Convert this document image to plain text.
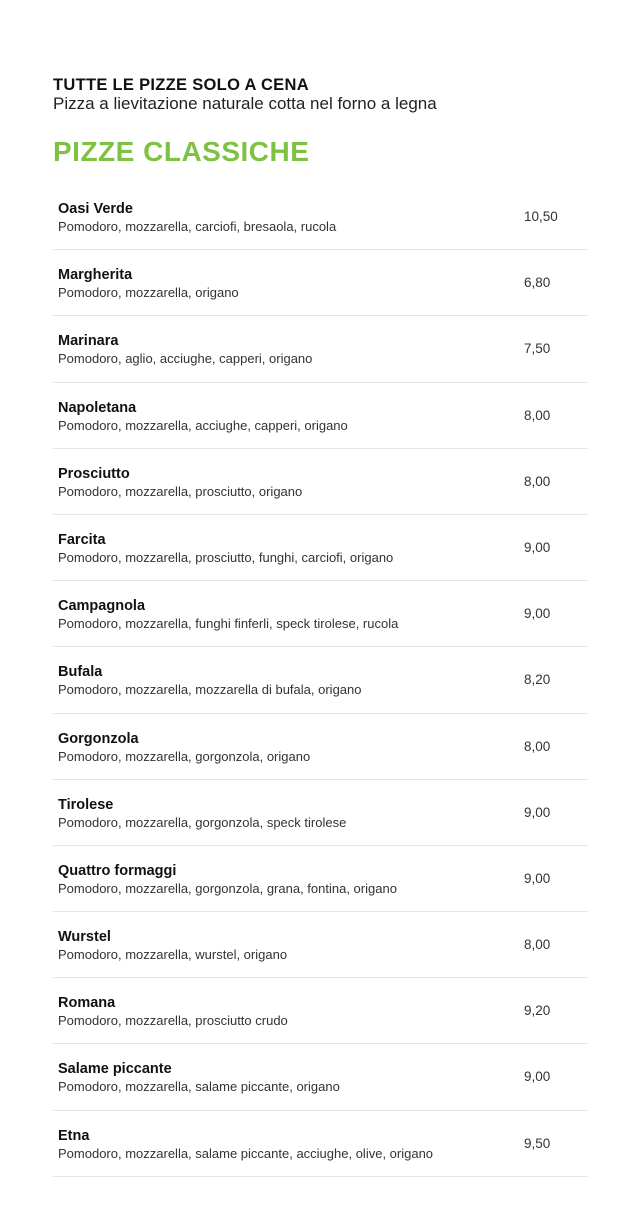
TUTTE LE PIZZE SOLO A CENA
Pizza a lievitazione naturale cotta nel forno a legna
PIZZE CLASSICHE
Oasi Verde
Pomodoro, mozzarella, carciofi, bresaola, rucola
10,50
Margherita
Pomodoro, mozzarella, origano
6,80
Marinara
Pomodoro, aglio, acciughe, capperi, origano
7,50
Napoletana
Pomodoro, mozzarella, acciughe, capperi, origano
8,00
Prosciutto
Pomodoro, mozzarella, prosciutto, origano
8,00
Farcita
Pomodoro, mozzarella, prosciutto, funghi, carciofi, origano
9,00
Campagnola
Pomodoro, mozzarella, funghi finferli, speck tirolese, rucola
9,00
Bufala
Pomodoro, mozzarella, mozzarella di bufala, origano
8,20
Gorgonzola
Pomodoro, mozzarella, gorgonzola, origano
8,00
Tirolese
Pomodoro, mozzarella, gorgonzola, speck tirolese
9,00
Quattro formaggi
Pomodoro, mozzarella, gorgonzola, grana, fontina, origano
9,00
Wurstel
Pomodoro, mozzarella, wurstel, origano
8,00
Romana
Pomodoro, mozzarella, prosciutto crudo
9,20
Salame piccante
Pomodoro, mozzarella, salame piccante, origano
9,00
Etna
Pomodoro, mozzarella, salame piccante, acciughe, olive, origano
9,50
